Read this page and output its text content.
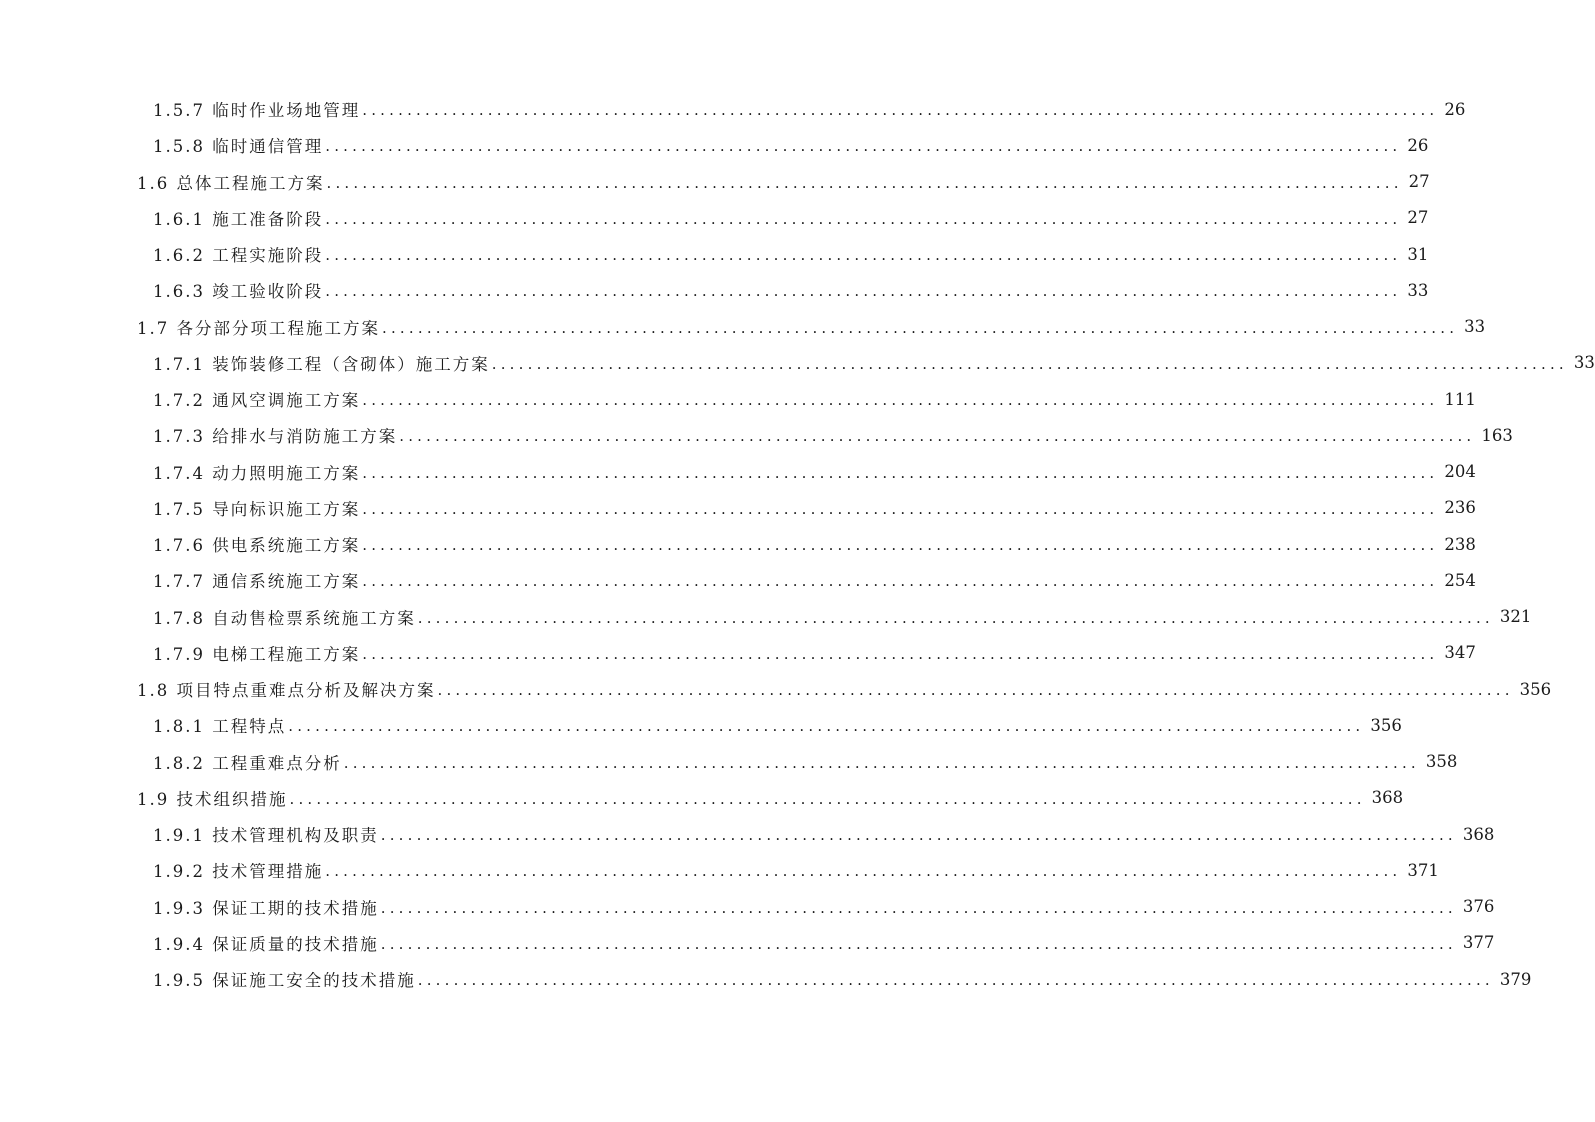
1.5.7 临时作业场地管理 ........................................................................................................................ 26
1.5.8 临时通信管理 ........................................................................................................................ 26
1.6 总体工程施工方案 ........................................................................................................................ 27
1.6.1 施工准备阶段 ........................................................................................................................ 27
1.6.2 工程实施阶段 ........................................................................................................................ 31
1.6.3 竣工验收阶段 ........................................................................................................................ 33
1.7 各分部分项工程施工方案 ........................................................................................................................ 33
1.7.1 装饰装修工程（含砌体）施工方案 ........................................................................................................................ 33
1.7.2 通风空调施工方案 ........................................................................................................................ 111
1.7.3 给排水与消防施工方案 ........................................................................................................................ 163
1.7.4 动力照明施工方案 ........................................................................................................................ 204
1.7.5 导向标识施工方案 ........................................................................................................................ 236
1.7.6 供电系统施工方案 ........................................................................................................................ 238
1.7.7 通信系统施工方案 ........................................................................................................................ 254
1.7.8 自动售检票系统施工方案 ........................................................................................................................ 321
1.7.9 电梯工程施工方案 ........................................................................................................................ 347
1.8 项目特点重难点分析及解决方案 ........................................................................................................................ 356
1.8.1 工程特点 ........................................................................................................................ 356
1.8.2 工程重难点分析 ........................................................................................................................ 358
1.9 技术组织措施 ........................................................................................................................ 368
1.9.1 技术管理机构及职责 ........................................................................................................................ 368
1.9.2 技术管理措施 ........................................................................................................................ 371
1.9.3 保证工期的技术措施 ........................................................................................................................ 376
1.9.4 保证质量的技术措施 ........................................................................................................................ 377
1.9.5 保证施工安全的技术措施 ........................................................................................................................ 379
